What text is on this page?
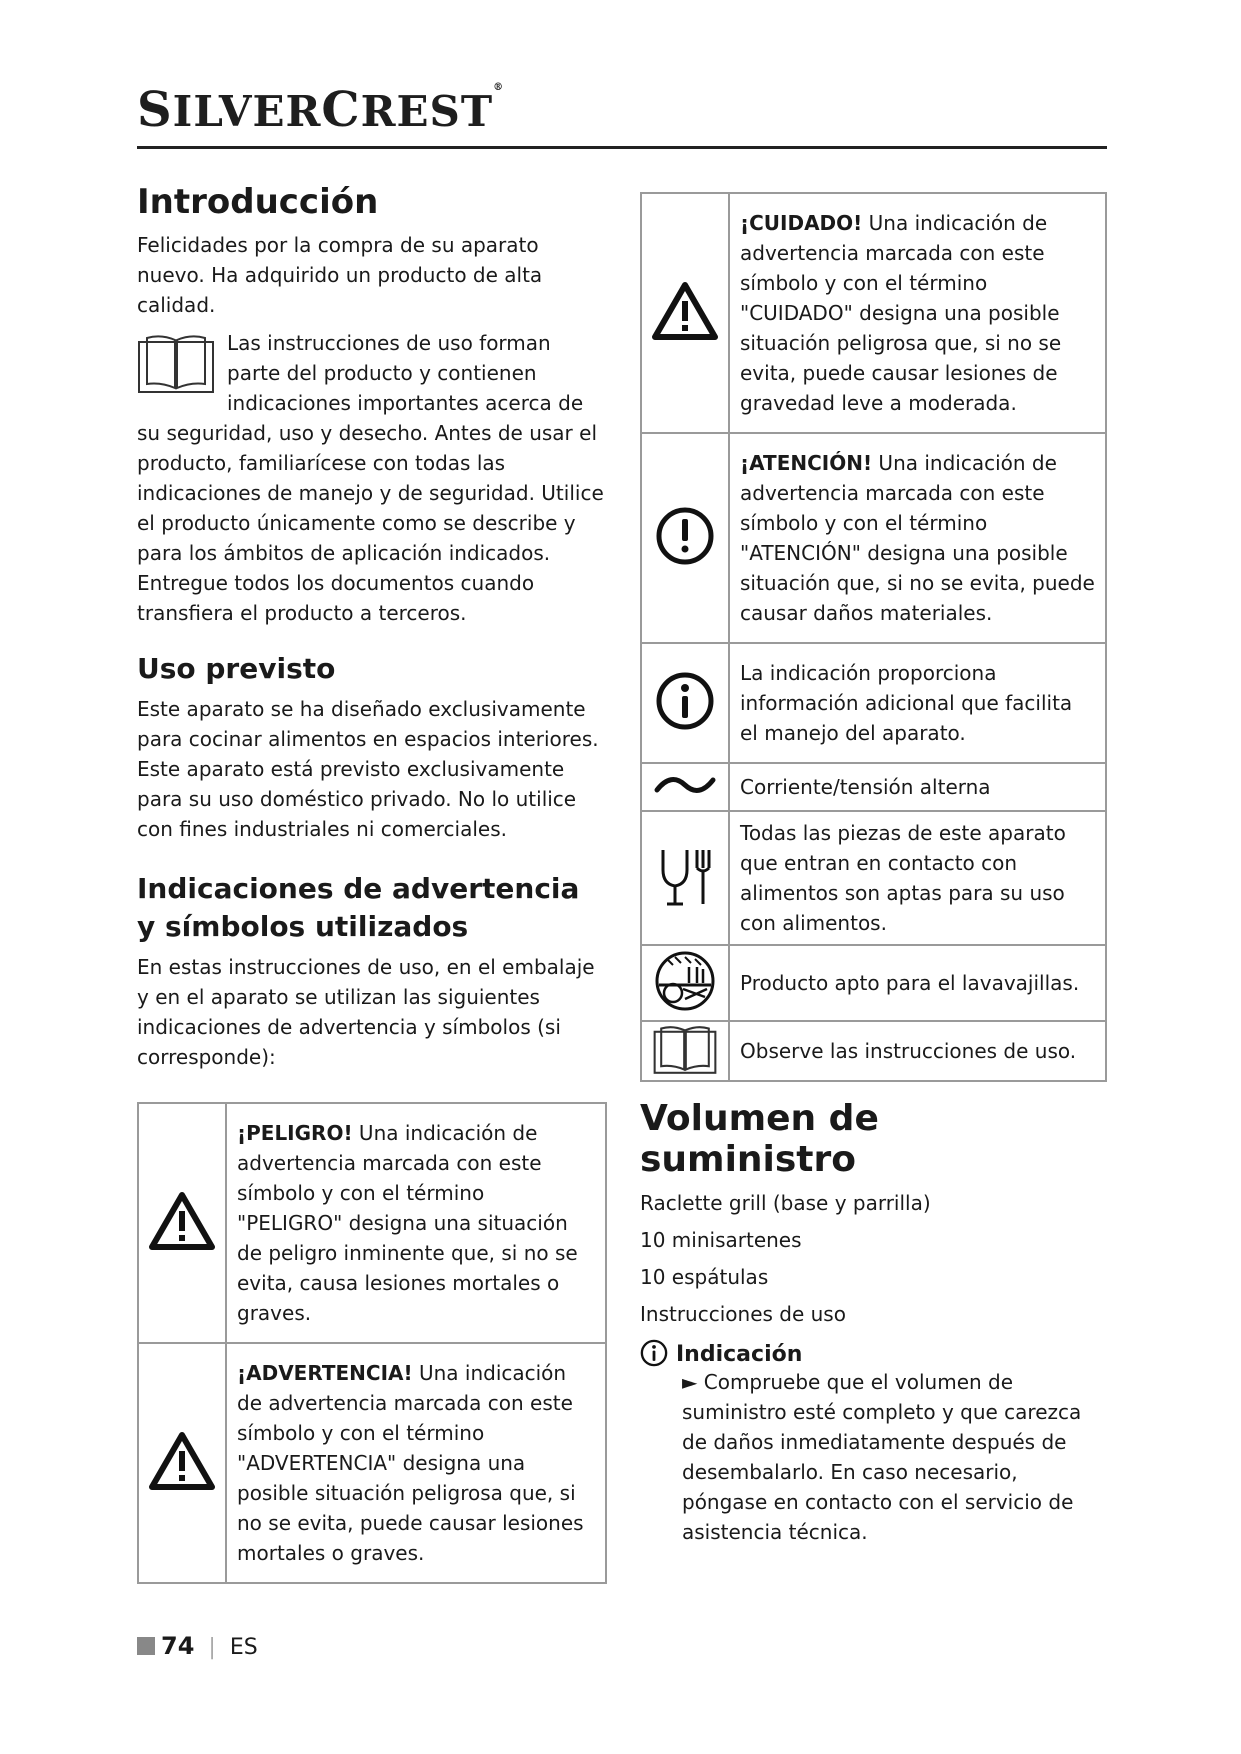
SILVERCREST®
Introducción

Felicidades por la compra de su aparato nuevo. Ha adquirido un producto de alta calidad.

Las instrucciones de uso forman parte del producto y contienen indicaciones importantes acerca de su seguridad, uso y desecho. Antes de usar el producto, familiarícese con todas las indicaciones de manejo y de seguridad. Utilice el producto únicamente como se describe y para los ámbitos de aplicación indicados. Entregue todos los documentos cuando transfiera el producto a terceros.

Uso previsto

Este aparato se ha diseñado exclusivamente para cocinar alimentos en espacios interiores. Este aparato está previsto exclusivamente para su uso doméstico privado. No lo utilice con fines industriales ni comerciales.

Indicaciones de advertencia y símbolos utilizados

En estas instrucciones de uso, en el embalaje y en el aparato se utilizan las siguientes indicaciones de advertencia y símbolos (si corresponde):

	¡PELIGRO! Una indicación de advertencia marcada con este símbolo y con el término "PELIGRO" designa una situación de peligro inminente que, si no se evita, causa lesiones mortales o graves.
	¡ADVERTENCIA! Una indicación de advertencia marcada con este símbolo y con el término "ADVERTENCIA" designa una posible situación peligrosa que, si no se evita, puede causar lesiones mortales o graves.
	¡CUIDADO! Una indicación de advertencia marcada con este símbolo y con el término "CUIDADO" designa una posible situación peligrosa que, si no se evita, puede causar lesiones de gravedad leve a moderada.
	¡ATENCIÓN! Una indicación de advertencia marcada con este símbolo y con el término "ATENCIÓN" designa una posible situación que, si no se evita, puede causar daños materiales.
	La indicación proporciona información adicional que facilita el manejo del aparato.
	Corriente/tensión alterna
	Todas las piezas de este aparato que entran en contacto con alimentos son aptas para su uso con alimentos.
	Producto apto para el lavavajillas.
	Observe las instrucciones de uso.
Volumen de suministro

Raclette grill (base y parrilla)

10 minisartenes

10 espátulas

Instrucciones de uso

Indicación
► Compruebe que el volumen de suministro esté completo y que carezca de daños inmediatamente después de desembalarlo. En caso necesario, póngase en contacto con el servicio de asistencia técnica.
74 | ES
